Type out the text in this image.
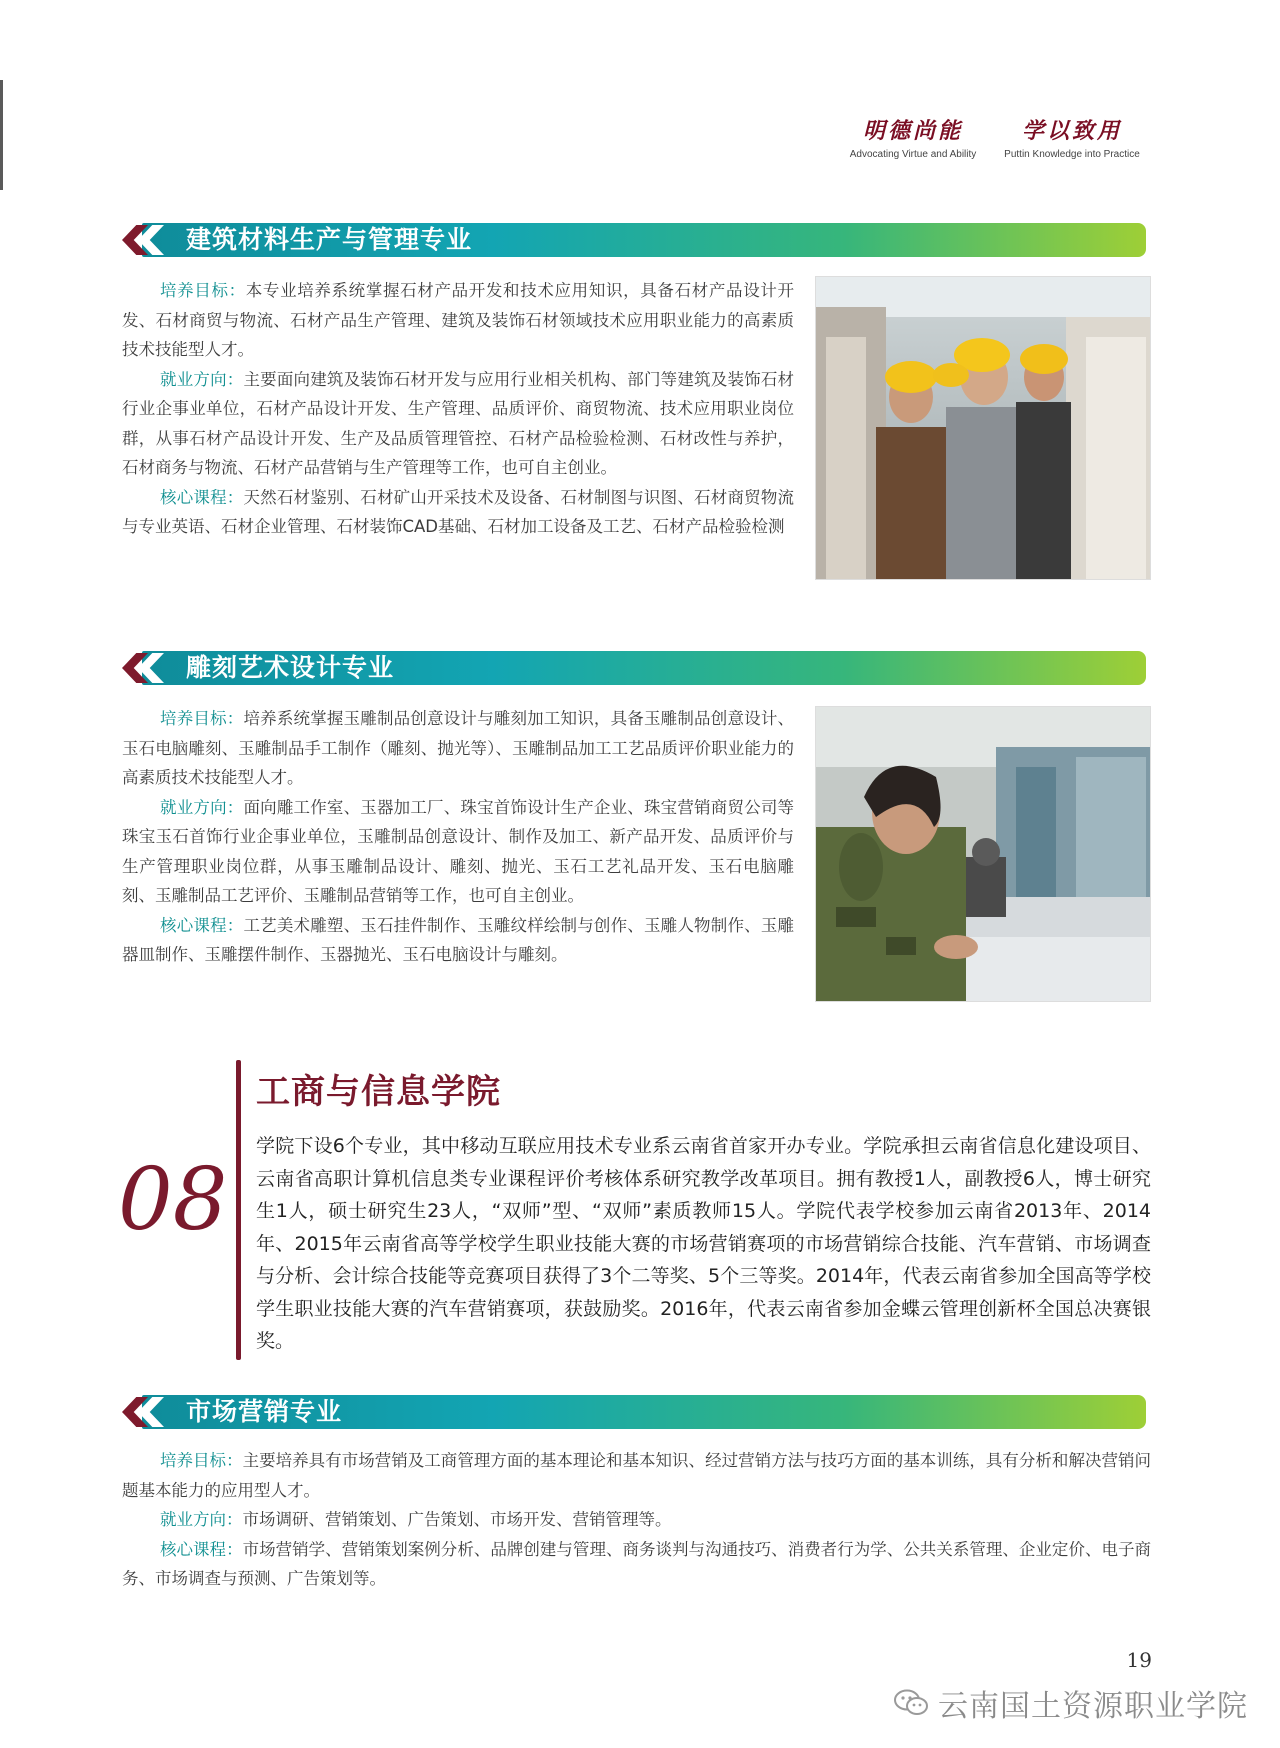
明德尚能
Advocating Virtue and Ability
学以致用
Puttin Knowledge into Practice
建筑材料生产与管理专业

培养目标：本专业培养系统掌握石材产品开发和技术应用知识，具备石材产品设计开发、石材商贸与物流、石材产品生产管理、建筑及装饰石材领域技术应用职业能力的高素质技术技能型人才。

就业方向：主要面向建筑及装饰石材开发与应用行业相关机构、部门等建筑及装饰石材行业企事业单位，石材产品设计开发、生产管理、品质评价、商贸物流、技术应用职业岗位群，从事石材产品设计开发、生产及品质管理管控、石材产品检验检测、石材改性与养护，石材商务与物流、石材产品营销与生产管理等工作，也可自主创业。

核心课程：天然石材鉴别、石材矿山开采技术及设备、石材制图与识图、石材商贸物流与专业英语、石材企业管理、石材装饰CAD基础、石材加工设备及工艺、石材产品检验检测

雕刻艺术设计专业

培养目标：培养系统掌握玉雕制品创意设计与雕刻加工知识，具备玉雕制品创意设计、玉石电脑雕刻、玉雕制品手工制作（雕刻、抛光等）、玉雕制品加工工艺品质评价职业能力的高素质技术技能型人才。

就业方向：面向雕工作室、玉器加工厂、珠宝首饰设计生产企业、珠宝营销商贸公司等珠宝玉石首饰行业企事业单位，玉雕制品创意设计、制作及加工、新产品开发、品质评价与生产管理职业岗位群，从事玉雕制品设计、雕刻、抛光、玉石工艺礼品开发、玉石电脑雕刻、玉雕制品工艺评价、玉雕制品营销等工作，也可自主创业。

核心课程：工艺美术雕塑、玉石挂件制作、玉雕纹样绘制与创作、玉雕人物制作、玉雕器皿制作、玉雕摆件制作、玉器抛光、玉石电脑设计与雕刻。

08
工商与信息学院
学院下设6个专业，其中移动互联应用技术专业系云南省首家开办专业。学院承担云南省信息化建设项目、云南省高职计算机信息类专业课程评价考核体系研究教学改革项目。拥有教授1人，副教授6人，博士研究生1人，硕士研究生23人，“双师”型、“双师”素质教师15人。学院代表学校参加云南省2013年、2014年、2015年云南省高等学校学生职业技能大赛的市场营销赛项的市场营销综合技能、汽车营销、市场调查与分析、会计综合技能等竞赛项目获得了3个二等奖、5个三等奖。2014年，代表云南省参加全国高等学校学生职业技能大赛的汽车营销赛项，获鼓励奖。2016年，代表云南省参加金蝶云管理创新杯全国总决赛银奖。
市场营销专业

培养目标：主要培养具有市场营销及工商管理方面的基本理论和基本知识、经过营销方法与技巧方面的基本训练，具有分析和解决营销问题基本能力的应用型人才。

就业方向：市场调研、营销策划、广告策划、市场开发、营销管理等。

核心课程：市场营销学、营销策划案例分析、品牌创建与管理、商务谈判与沟通技巧、消费者行为学、公共关系管理、企业定价、电子商务、市场调查与预测、广告策划等。

19
云南国土资源职业学院
